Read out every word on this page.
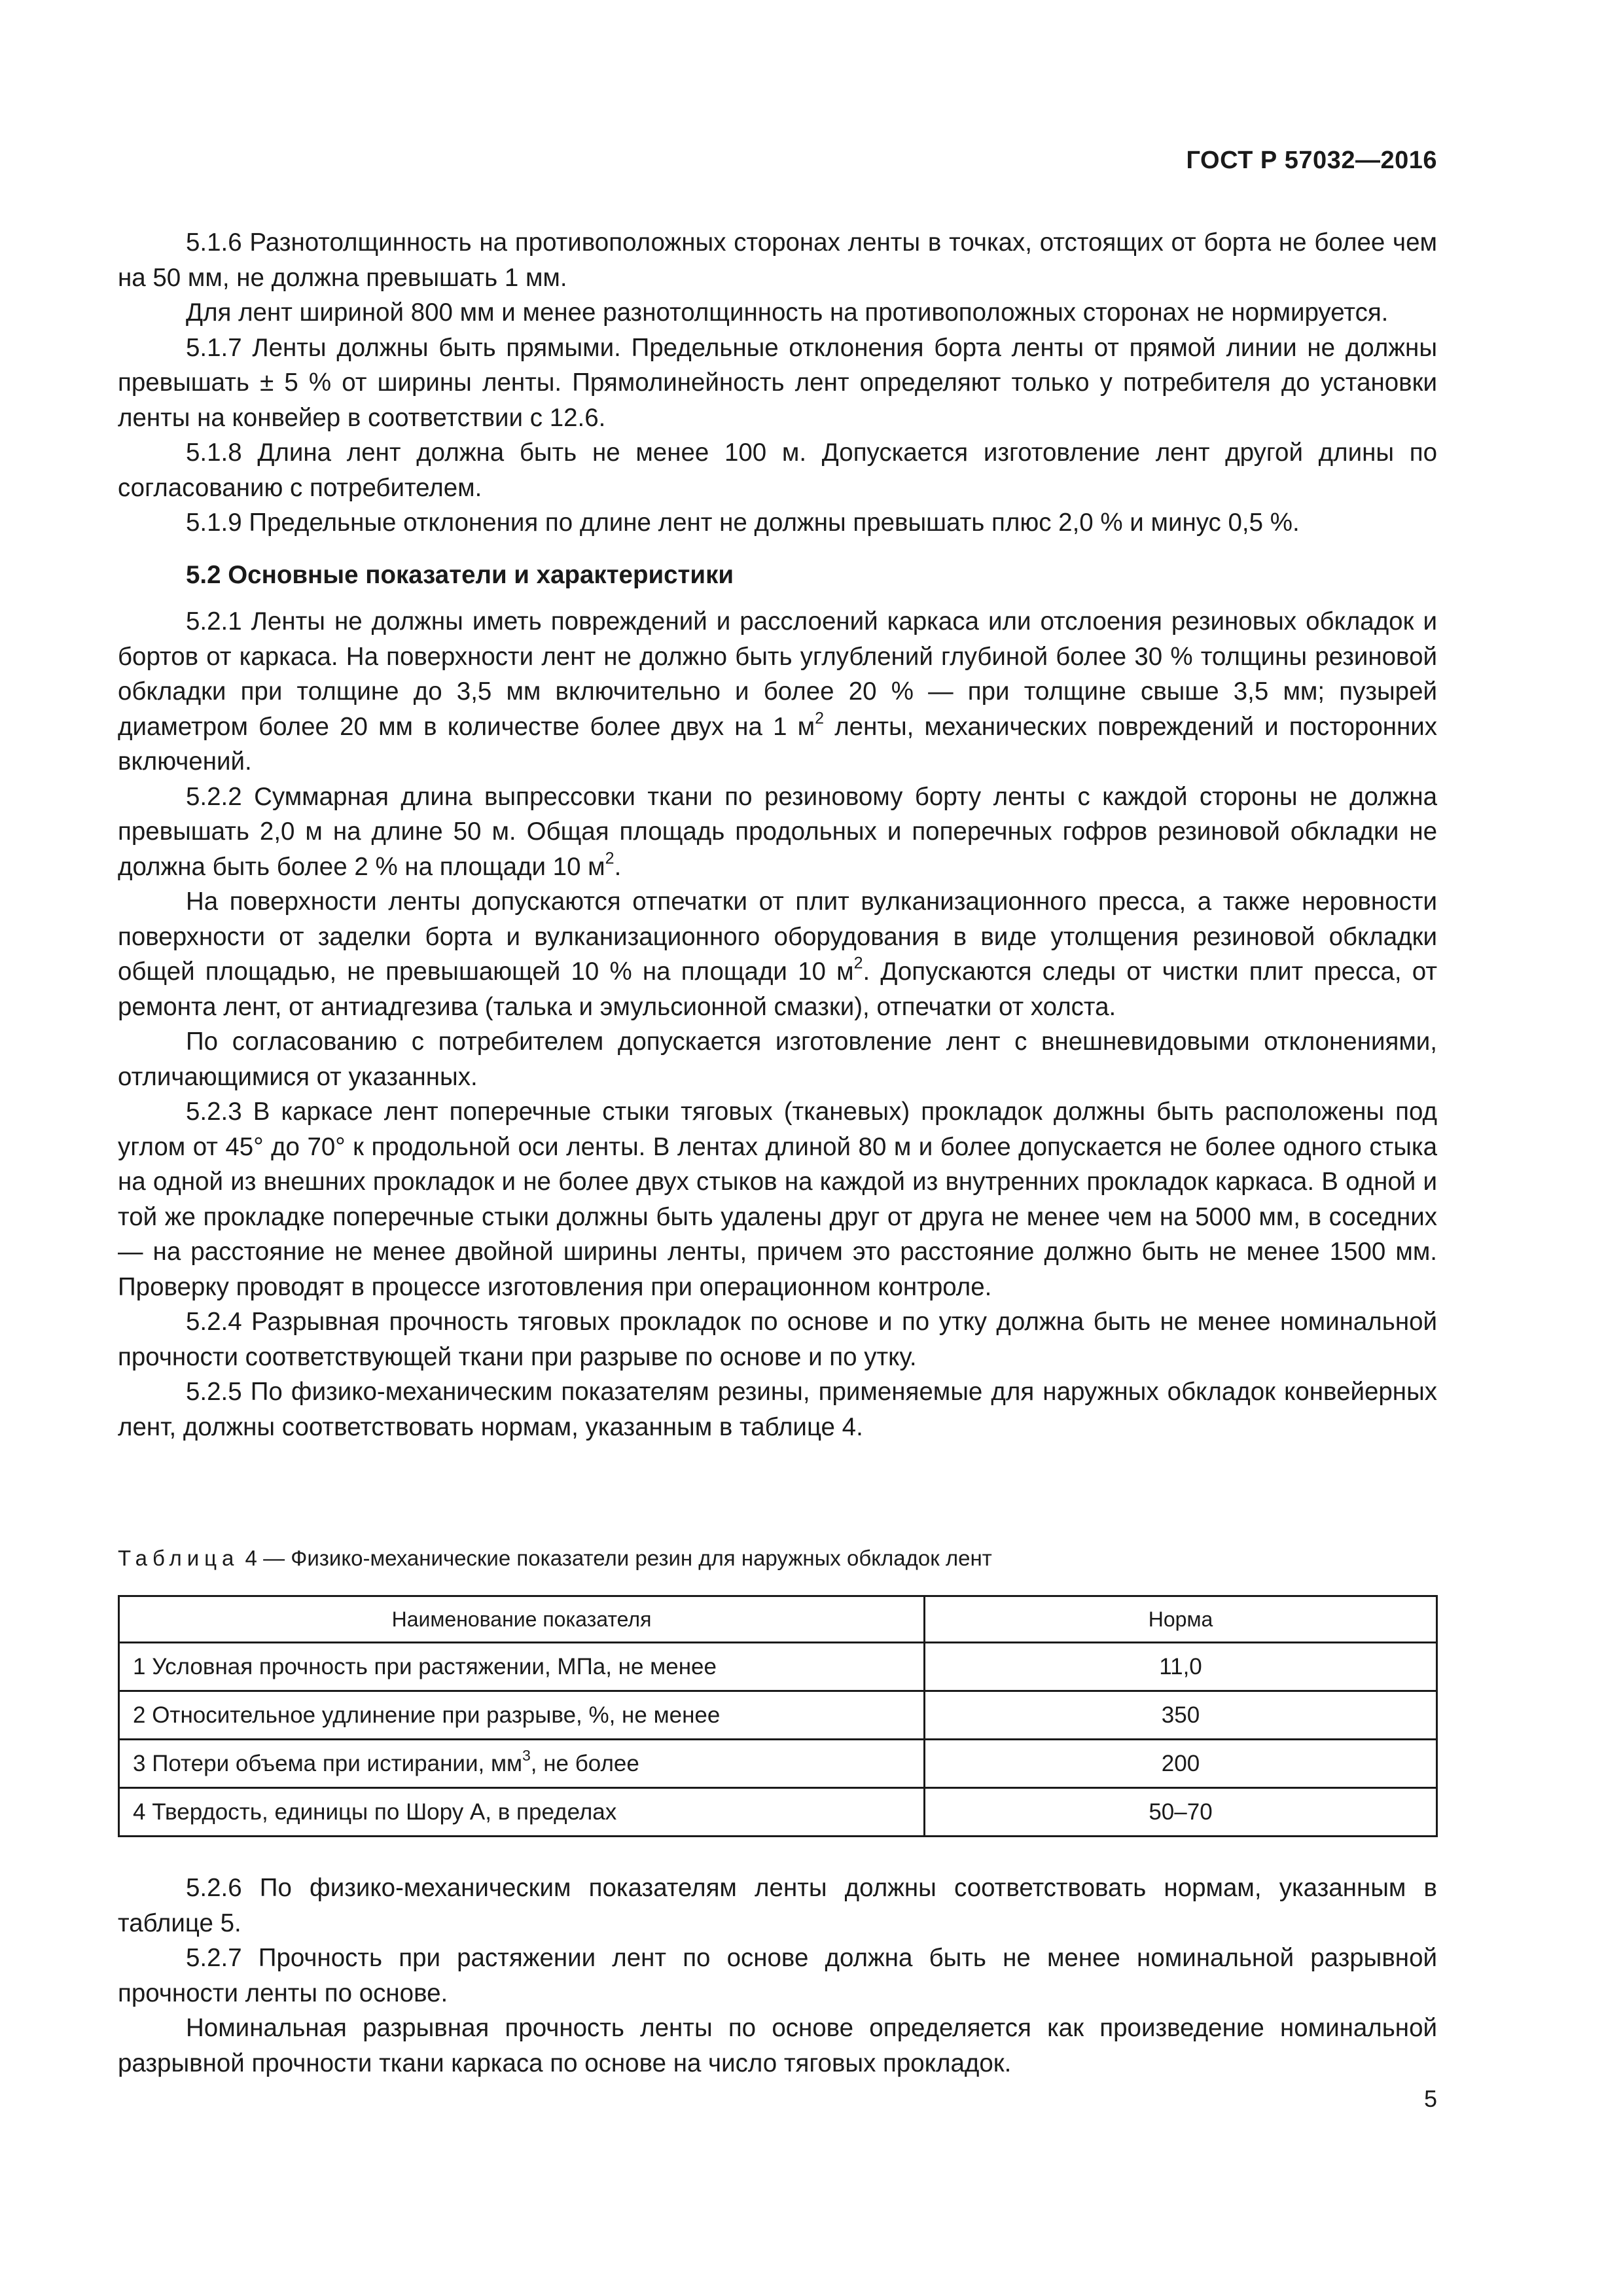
ГОСТ Р 57032—2016

5.1.6 Разнотолщинность на противоположных сторонах ленты в точках, отстоящих от борта не более чем на 50 мм, не должна превышать 1 мм.

Для лент шириной 800 мм и менее разнотолщинность на противоположных сторонах не нормируется.

5.1.7 Ленты должны быть прямыми. Предельные отклонения борта ленты от прямой линии не должны превышать ± 5 % от ширины ленты. Прямолинейность лент определяют только у потребителя до установки ленты на конвейер в соответствии с 12.6.

5.1.8 Длина лент должна быть не менее 100 м. Допускается изготовление лент другой длины по согласованию с потребителем.

5.1.9 Предельные отклонения по длине лент не должны превышать плюс 2,0 % и минус 0,5 %.

5.2 Основные показатели и характеристики

5.2.1 Ленты не должны иметь повреждений и расслоений каркаса или отслоения резиновых обкладок и бортов от каркаса. На поверхности лент не должно быть углублений глубиной более 30 % толщины резиновой обкладки при толщине до 3,5 мм включительно и более 20 % — при толщине свыше 3,5 мм; пузырей диаметром более 20 мм в количестве более двух на 1 $м^2$ ленты, механических повреждений и посторонних включений.

5.2.2 Суммарная длина выпрессовки ткани по резиновому борту ленты с каждой стороны не должна превышать 2,0 м на длине 50 м. Общая площадь продольных и поперечных гофров резиновой обкладки не должна быть более 2 % на площади 10 $м^2$.

На поверхности ленты допускаются отпечатки от плит вулканизационного пресса, а также неровности поверхности от заделки борта и вулканизационного оборудования в виде утолщения резиновой обкладки общей площадью, не превышающей 10 % на площади 10 $м^2$. Допускаются следы от чистки плит пресса, от ремонта лент, от антиадгезива (талька и эмульсионной смазки), отпечатки от холста.

По согласованию с потребителем допускается изготовление лент с внешневидовыми отклонениями, отличающимися от указанных.

5.2.3 В каркасе лент поперечные стыки тяговых (тканевых) прокладок должны быть расположены под углом от 45° до 70° к продольной оси ленты. В лентах длиной 80 м и более допускается не более одного стыка на одной из внешних прокладок и не более двух стыков на каждой из внутренних прокладок каркаса. В одной и той же прокладке поперечные стыки должны быть удалены друг от друга не менее чем на 5000 мм, в соседних — на расстояние не менее двойной ширины ленты, причем это расстояние должно быть не менее 1500 мм. Проверку проводят в процессе изготовления при операционном контроле.

5.2.4 Разрывная прочность тяговых прокладок по основе и по утку должна быть не менее номинальной прочности соответствующей ткани при разрыве по основе и по утку.

5.2.5 По физико-механическим показателям резины, применяемые для наружных обкладок конвейерных лент, должны соответствовать нормам, указанным в таблице 4.

Таблица 4 — Физико-механические показатели резин для наружных обкладок лент
Наименование показателя	Норма
1 Условная прочность при растяжении, МПа, не менее	11,0
2 Относительное удлинение при разрыве, %, не менее	350
3 Потери объема при истирании, $мм^3$, не более	200
4 Твердость, единицы по Шору А, в пределах	50–70

5.2.6 По физико-механическим показателям ленты должны соответствовать нормам, указанным в таблице 5.

5.2.7 Прочность при растяжении лент по основе должна быть не менее номинальной разрывной прочности ленты по основе.

Номинальная разрывная прочность ленты по основе определяется как произведение номинальной разрывной прочности ткани каркаса по основе на число тяговых прокладок.

5
